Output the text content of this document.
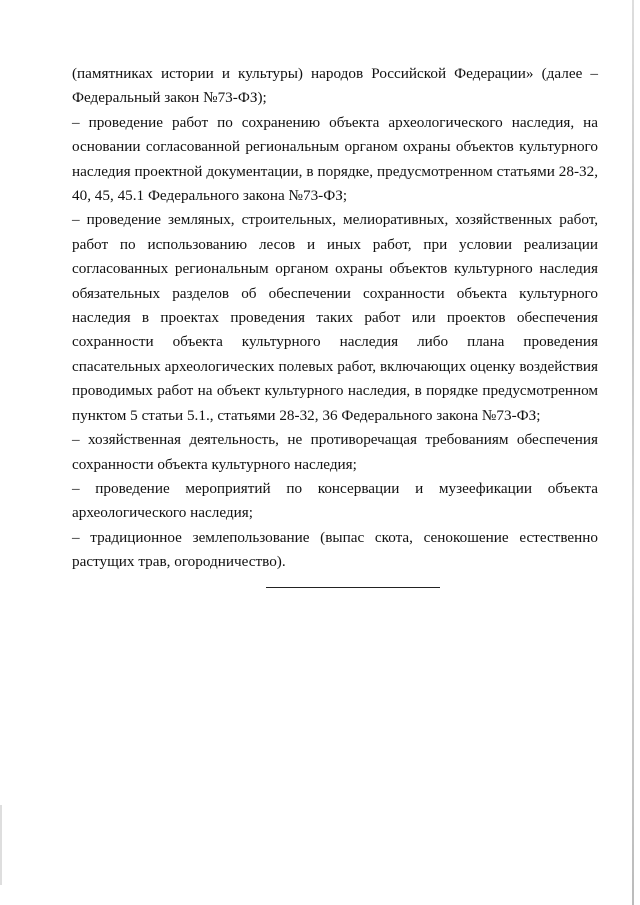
(памятниках истории и культуры) народов Российской Федерации» (далее – Федеральный закон №73-ФЗ);

– проведение работ по сохранению объекта археологического наследия, на основании согласованной региональным органом охраны объектов культурного наследия проектной документации, в порядке, предусмотренном статьями 28-32, 40, 45, 45.1 Федерального закона №73-ФЗ;

– проведение земляных, строительных, мелиоративных, хозяйственных работ, работ по использованию лесов и иных работ, при условии реализации согласованных региональным органом охраны объектов культурного наследия обязательных разделов об обеспечении сохранности объекта культурного наследия в проектах проведения таких работ или проектов обеспечения сохранности объекта культурного наследия либо плана проведения спасательных археологических полевых работ, включающих оценку воздействия проводимых работ на объект культурного наследия, в порядке предусмотренном пунктом 5 статьи 5.1., статьями 28-32, 36 Федерального закона №73-ФЗ;

– хозяйственная деятельность, не противоречащая требованиям обеспечения сохранности объекта культурного наследия;

– проведение мероприятий по консервации и музеефикации объекта археологического наследия;

– традиционное землепользование (выпас скота, сенокошение естественно растущих трав, огородничество).
